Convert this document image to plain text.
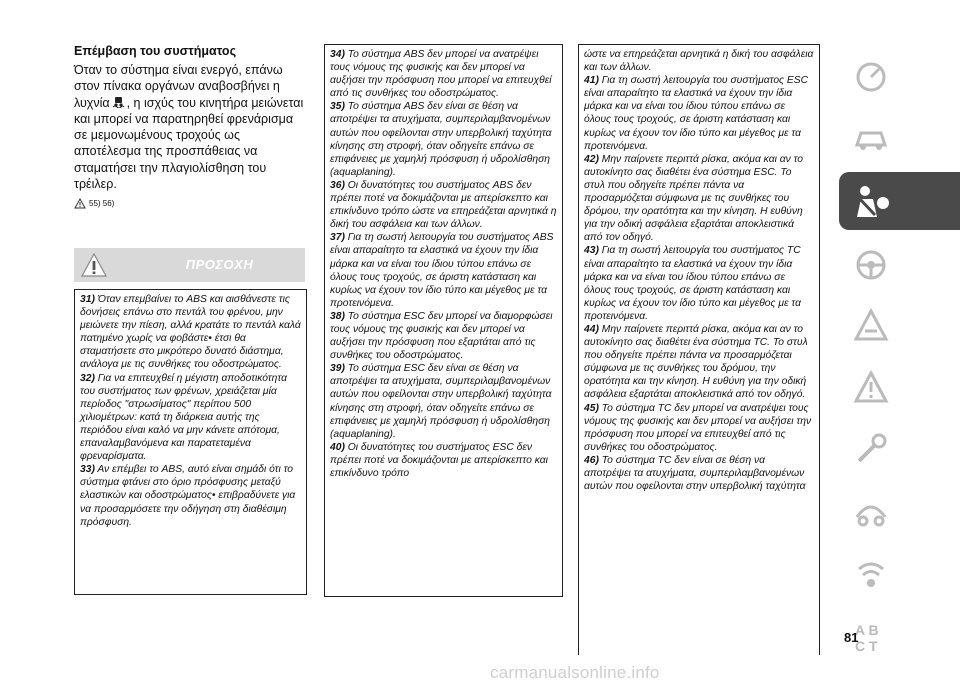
Επέμβαση του συστήματος

Όταν το σύστημα είναι ενεργό, επάνω στον πίνακα οργάνων αναβοσβήνει η λυχνία , η ισχύς του κινητήρα μειώνεται και μπορεί να παρατηρηθεί φρενάρισμα σε μεμονωμένους τροχούς ως αποτέλεσμα της προσπάθειας να σταματήσει την πλαγιολίσθηση του τρέιλερ.

55) 56)
ΠΡΟΣΟΧΗ

31) Όταν επεμβαίνει το ABS και αισθάνεστε τις δονήσεις επάνω στο πεντάλ του φρένου, μην μειώνετε την πίεση, αλλά κρατάτε το πεντάλ καλά πατημένο χωρίς να φοβάστε• έτσι θα σταματήσετε στο μικρότερο δυνατό διάστημα, ανάλογα με τις συνθήκες του οδοστρώματος.

32) Για να επιτευχθεί η μέγιστη αποδοτικότητα του συστήματος των φρένων, χρειάζεται μία περίοδος "στρωσίματος" περίπου 500 χιλιομέτρων: κατά τη διάρκεια αυτής της περιόδου είναι καλό να μην κάνετε απότομα, επαναλαμβανόμενα και παρατεταμένα φρεναρίσματα.

33) Αν επέμβει το ABS, αυτό είναι σημάδι ότι το σύστημα φτάνει στο όριο πρόσφυσης μεταξύ ελαστικών και οδοστρώματος• επιβραδύνετε για να προσαρμόσετε την οδήγηση στη διαθέσιμη πρόσφυση.

34) Το σύστημα ABS δεν μπορεί να ανατρέψει τους νόμους της φυσικής και δεν μπορεί να αυξήσει την πρόσφυση που μπορεί να επιτευχθεί από τις συνθήκες του οδοστρώματος.

35) Το σύστημα ABS δεν είναι σε θέση να αποτρέψει τα ατυχήματα, συμπεριλαμβανομένων αυτών που οφείλονται στην υπερβολική ταχύτητα κίνησης στη στροφή, όταν οδηγείτε επάνω σε επιφάνειες με χαμηλή πρόσφυση ή υδρολίσθηση (aquaplaning).

36) Οι δυνατότητες του συστήματος ABS δεν πρέπει ποτέ να δοκιμάζονται με απερίσκεπτο και επικίνδυνο τρόπο ώστε να επηρεάζεται αρνητικά η δική του ασφάλεια και των άλλων.

37) Για τη σωστή λειτουργία του συστήματος ABS είναι απαραίτητο τα ελαστικά να έχουν την ίδια μάρκα και να είναι του ίδιου τύπου επάνω σε όλους τους τροχούς, σε άριστη κατάσταση και κυρίως να έχουν τον ίδιο τύπο και μέγεθος με τα προτεινόμενα.

38) Το σύστημα ESC δεν μπορεί να διαμορφώσει τους νόμους της φυσικής και δεν μπορεί να αυξήσει την πρόσφυση που εξαρτάται από τις συνθήκες του οδοστρώματος.

39) Το σύστημα ESC δεν είναι σε θέση να αποτρέψει τα ατυχήματα, συμπεριλαμβανομένων αυτών που οφείλονται στην υπερβολική ταχύτητα κίνησης στη στροφή, όταν οδηγείτε επάνω σε επιφάνειες με χαμηλή πρόσφυση ή υδρολίσθηση (aquaplaning).

40) Οι δυνατότητες του συστήματος ESC δεν πρέπει ποτέ να δοκιμάζονται με απερίσκεπτο και επικίνδυνο τρόπο

ώστε να επηρεάζεται αρνητικά η δική του ασφάλεια και των άλλων.

41) Για τη σωστή λειτουργία του συστήματος ESC είναι απαραίτητο τα ελαστικά να έχουν την ίδια μάρκα και να είναι του ίδιου τύπου επάνω σε όλους τους τροχούς, σε άριστη κατάσταση και κυρίως να έχουν τον ίδιο τύπο και μέγεθος με τα προτεινόμενα.

42) Μην παίρνετε περιττά ρίσκα, ακόμα και αν το αυτοκίνητο σας διαθέτει ένα σύστημα ESC. Το στυλ που οδηγείτε πρέπει πάντα να προσαρμόζεται σύμφωνα με τις συνθήκες του δρόμου, την ορατότητα και την κίνηση. Η ευθύνη για την οδική ασφάλεια εξαρτάται αποκλειστικά από τον οδηγό.

43) Για τη σωστή λειτουργία του συστήματος TC είναι απαραίτητο τα ελαστικά να έχουν την ίδια μάρκα και να είναι του ίδιου τύπου επάνω σε όλους τους τροχούς, σε άριστη κατάσταση και κυρίως να έχουν τον ίδιο τύπο και μέγεθος με τα προτεινόμενα.

44) Μην παίρνετε περιττά ρίσκα, ακόμα και αν το αυτοκίνητο σας διαθέτει ένα σύστημα TC. Το στυλ που οδηγείτε πρέπει πάντα να προσαρμόζεται σύμφωνα με τις συνθήκες του δρόμου, την ορατότητα και την κίνηση. Η ευθύνη για την οδική ασφάλεια εξαρτάται αποκλειστικά από τον οδηγό.

45) Το σύστημα TC δεν μπορεί να ανατρέψει τους νόμους της φυσικής και δεν μπορεί να αυξήσει την πρόσφυση που μπορεί να επιτευχθεί από τις συνθήκες του οδοστρώματος.

46) Το σύστημα TC δεν είναι σε θέση να αποτρέψει τα ατυχήματα, συμπεριλαμβανομένων αυτών που οφείλονται στην υπερβολική ταχύτητα

A B
C T
81
carmanualsonline.info
